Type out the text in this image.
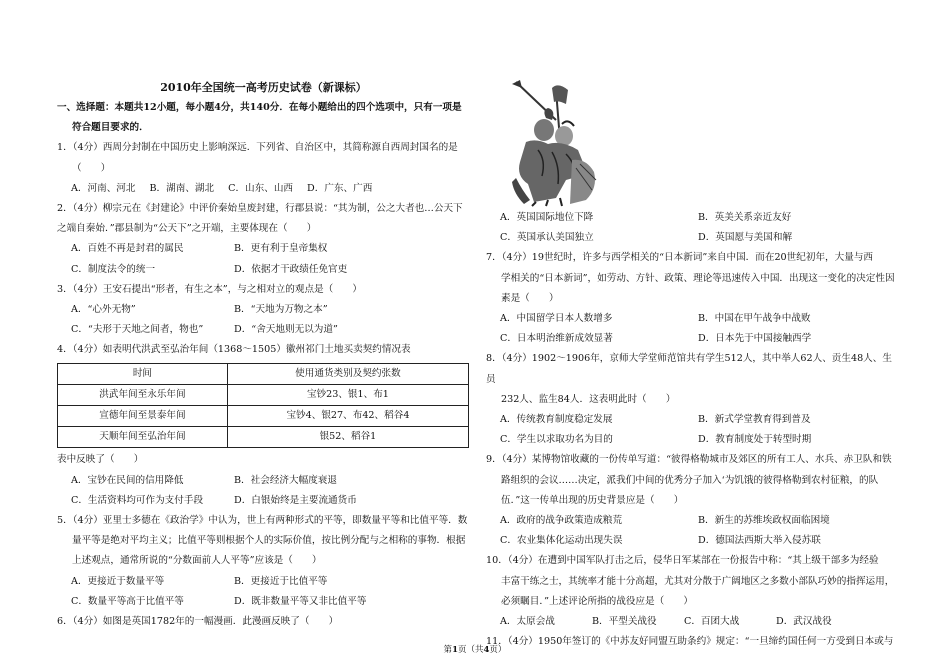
2010年全国统一高考历史试卷（新课标）
一、选择题：本题共12小题，每小题4分，共140分．在每小题给出的四个选项中，只有一项是
符合题目要求的．
1．（4分）西周分封制在中国历史上影响深远．下列省、自治区中，其简称源自西周封国名的是
（　　）
A．河南、河北 B．湖南、湖北 C．山东、山西 D．广东、广西
2．（4分）柳宗元在《封建论》中评价秦始皇废封建，行郡县说：“其为制，公之大者也…公天下
之端自秦始．”郡县制为“公天下”之开端，主要体现在（　　）
A．百姓不再是封君的属民	B．更有利于皇帝集权
C．制度法令的统一	D．依据才干政绩任免官吏
3．（4分）王安石提出“形者，有生之本”，与之相对立的观点是（　　）
A．“心外无物”	B．“天地为万物之本”
C．“夫形于天地之间者，物也”	D．“舍天地则无以为道”
4．（4分）如表明代洪武至弘治年间（1368～1505）徽州祁门土地买卖契约情况表
时间	使用通货类别及契约张数
洪武年间至永乐年间	宝钞23、银1、布1
宣德年间至景泰年间	宝钞4、银27、布42、稻谷4
天顺年间至弘治年间	银52、稻谷1
表中反映了（　　）
A．宝钞在民间的信用降低	B．社会经济大幅度衰退
C．生活资料均可作为支付手段	D．白银始终是主要流通货币
5．（4分）亚里士多德在《政治学》中认为，世上有两种形式的平等，即数量平等和比值平等．数
量平等是绝对平均主义；比值平等则根据个人的实际价值，按比例分配与之相称的事物．根据
上述观点，通常所说的“分数面前人人平等”应该是（　　）
A．更接近于数量平等	B．更接近于比值平等
C．数量平等高于比值平等	D．既非数量平等又非比值平等
6．（4分）如图是英国1782年的一幅漫画．此漫画反映了（　　）
A．英国国际地位下降	B．英美关系亲近友好
C．英国承认美国独立	D．英国愿与美国和解
7．（4分）19世纪时，许多与西学相关的“日本新词”来自中国．而在20世纪初年，大量与西
学相关的“日本新词”，如劳动、方针、政策、理论等迅速传入中国．出现这一变化的决定性因
素是（　　）
A．中国留学日本人数增多	B．中国在甲午战争中战败
C．日本明治维新成效显著	D．日本先于中国接触西学
8．（4分）1902～1906年，京师大学堂师范馆共有学生512人，其中举人62人、贡生48人、生员
232人、监生84人．这表明此时（　　）
A．传统教育制度稳定发展	B．新式学堂教育得到普及
C．学生以求取功名为目的	D．教育制度处于转型时期
9．（4分）某博物馆收藏的一份传单写道：“彼得格勒城市及郊区的所有工人、水兵、赤卫队和铁
路组织的会议……决定，派我们中间的优秀分子加入‘为饥饿的彼得格勒到农村征粮，的队
伍．”这一传单出现的历史背景应是（　　）
A．政府的战争政策造成粮荒	B．新生的苏维埃政权面临困境
C．农业集体化运动出现失误	D．德国法西斯大举入侵苏联
10．（4分）在遭到中国军队打击之后，侵华日军某部在一份报告中称：“其上级干部多为经验
丰富干练之士，其统率才能十分高超，尤其对分散于广阔地区之多数小部队巧妙的指挥运用，
必须瞩目．”上述评论所指的战役应是（　　）
A．太原会战	B．平型关战役	C．百团大战	D．武汉战役
11．（4分）1950年签订的《中苏友好同盟互助条约》规定：“一旦缔约国任何一方受到日本或与
第1页（共4页）
